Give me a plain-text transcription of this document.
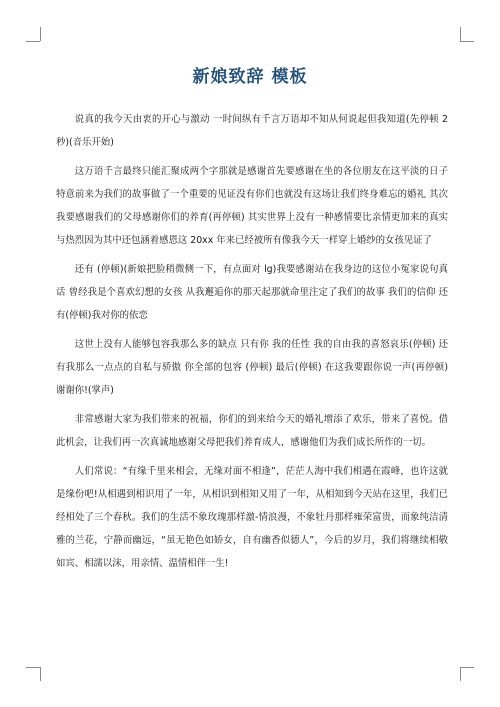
新娘致辞 模板

说真的我今天由衷的开心与激动 一时间纵有千言万语却不知从何说起但我知道(先停顿 2 秒)(音乐开始)

这万语千言最终只能汇聚成两个字那就是感谢首先要感谢在坐的各位朋友在这平淡的日子特意前来为我们的故事做了一个重要的见证没有你们也就没有这场让我们终身难忘的婚礼 其次我要感谢我们的父母感谢你们的养育(再停顿) 其实世界上没有一种感情要比亲情更加来的真实与热烈因为其中还包涵着感恩这 20xx 年来已经被所有像我今天一样穿上婚纱的女孩见证了

还有 (停顿)(新娘把脸稍微侧一下，有点面对 lg)我要感谢站在我身边的这位小冤家说句真话 曾经我是个喜欢幻想的女孩 从我邂逅你的那天起那就命里注定了我们的故事 我们的信仰 还有(停顿)我对你的依恋

这世上没有人能够包容我那么多的缺点 只有你 我的任性 我的自由我的喜怒哀乐(停顿) 还有我那么一点点的自私与骄傲 你全部的包容 (停顿) 最后(停顿) 在这我要跟你说一声(再停顿) 谢谢你!(掌声)

非常感谢大家为我们带来的祝福，你们的到来给今天的婚礼增添了欢乐，带来了喜悦。借此机会，让我们再一次真诚地感谢父母把我们养育成人，感谢他们为我们成长所作的一切。

人们常说：“有缘千里来相会，无缘对面不相逢”，茫茫人海中我们相遇在霞峰，也许这就是缘份吧!从相遇到相识用了一年，从相识到相知又用了一年，从相知到今天站在这里，我们已经相处了三个春秋。我们的生活不象玫瑰那样激-情浪漫，不象牡丹那样雍荣富贵，而象纯洁清雅的兰花，宁静而幽远，“虽无艳色如娇女，自有幽香似德人”，今后的岁月，我们将继续相敬如宾、相濡以沫，用亲情、温情相伴一生!
